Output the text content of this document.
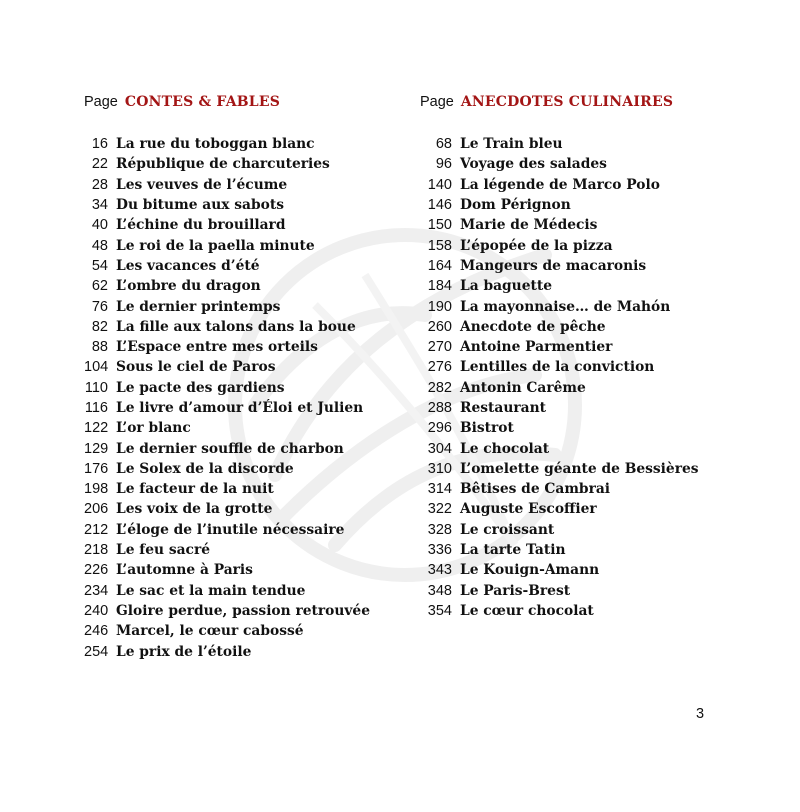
Page CONTES & FABLES
16 La rue du toboggan blanc
22 République de charcuteries
28 Les veuves de l’écume
34 Du bitume aux sabots
40 L’échine du brouillard
48 Le roi de la paella minute
54 Les vacances d’été
62 L’ombre du dragon
76 Le dernier printemps
82 La fille aux talons dans la boue
88 L’Espace entre mes orteils
104 Sous le ciel de Paros
110 Le pacte des gardiens
116 Le livre d’amour d’Éloi et Julien
122 L’or blanc
129 Le dernier souffle de charbon
176 Le Solex de la discorde
198 Le facteur de la nuit
206 Les voix de la grotte
212 L’éloge de l’inutile nécessaire
218 Le feu sacré
226 L’automne à Paris
234 Le sac et la main tendue
240 Gloire perdue, passion retrouvée
246 Marcel, le cœur cabossé
254 Le prix de l’étoile
Page ANECDOTES CULINAIRES
68 Le Train bleu
96 Voyage des salades
140 La légende de Marco Polo
146 Dom Pérignon
150 Marie de Médecis
158 L’épopée de la pizza
164 Mangeurs de macaronis
184 La baguette
190 La mayonnaise… de Mahón
260 Anecdote de pêche
270 Antoine Parmentier
276 Lentilles de la conviction
282 Antonin Carême
288 Restaurant
296 Bistrot
304 Le chocolat
310 L’omelette géante de Bessières
314 Bêtises de Cambrai
322 Auguste Escoffier
328 Le croissant
336 La tarte Tatin
343 Le Kouign-Amann
348 Le Paris-Brest
354 Le cœur chocolat
3
